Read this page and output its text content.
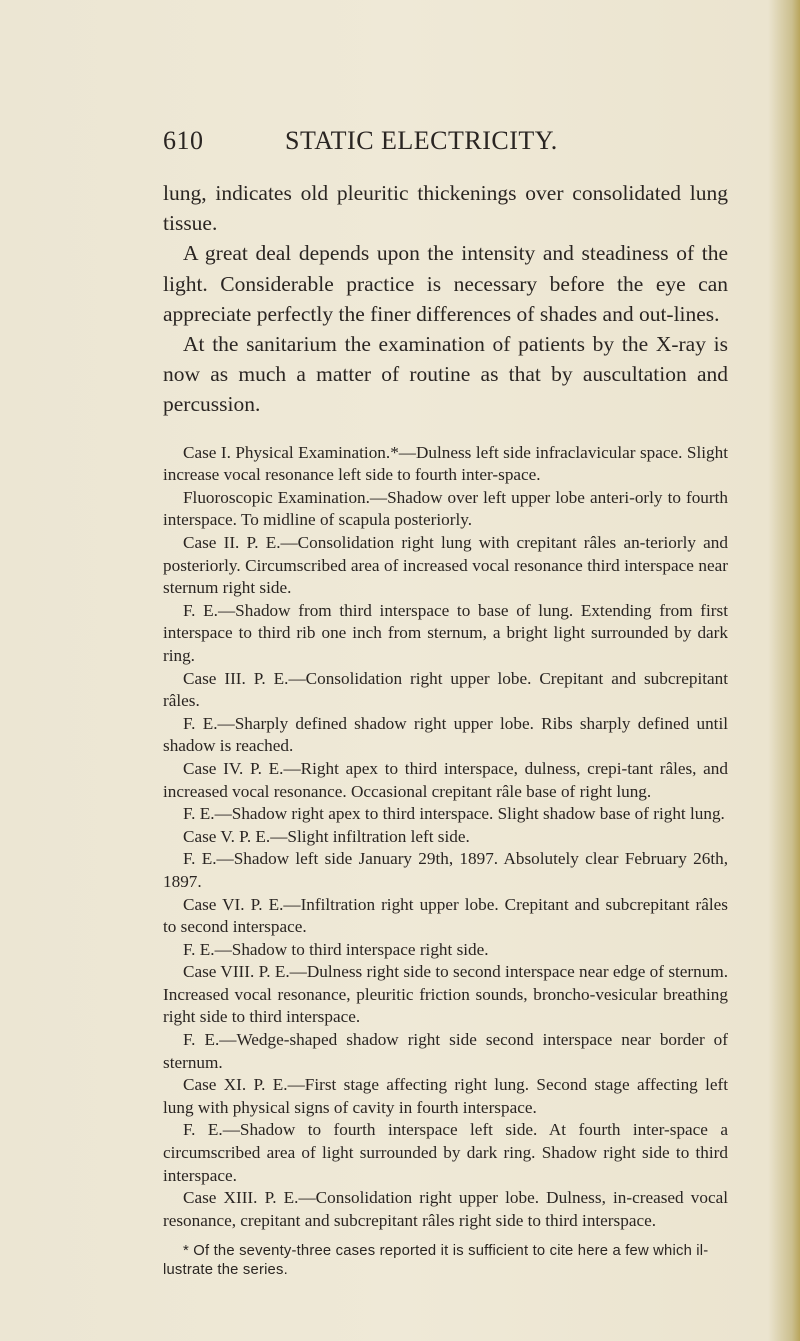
610	STATIC ELECTRICITY.

lung, indicates old pleuritic thickenings over consolidated lung tissue.

A great deal depends upon the intensity and steadiness of the light. Considerable practice is necessary before the eye can appreciate perfectly the finer differences of shades and out-lines.

At the sanitarium the examination of patients by the X-ray is now as much a matter of routine as that by auscultation and percussion.

Case I. Physical Examination.*—Dulness left side infraclavicular space. Slight increase vocal resonance left side to fourth inter-space.

Fluoroscopic Examination.—Shadow over left upper lobe anteri-orly to fourth interspace. To midline of scapula posteriorly.

Case II. P. E.—Consolidation right lung with crepitant râles an-teriorly and posteriorly. Circumscribed area of increased vocal resonance third interspace near sternum right side.

F. E.—Shadow from third interspace to base of lung. Extending from first interspace to third rib one inch from sternum, a bright light surrounded by dark ring.

Case III. P. E.—Consolidation right upper lobe. Crepitant and subcrepitant râles.

F. E.—Sharply defined shadow right upper lobe. Ribs sharply defined until shadow is reached.

Case IV. P. E.—Right apex to third interspace, dulness, crepi-tant râles, and increased vocal resonance. Occasional crepitant râle base of right lung.

F. E.—Shadow right apex to third interspace. Slight shadow base of right lung.

Case V. P. E.—Slight infiltration left side.

F. E.—Shadow left side January 29th, 1897. Absolutely clear February 26th, 1897.

Case VI. P. E.—Infiltration right upper lobe. Crepitant and subcrepitant râles to second interspace.

F. E.—Shadow to third interspace right side.

Case VIII. P. E.—Dulness right side to second interspace near edge of sternum. Increased vocal resonance, pleuritic friction sounds, broncho-vesicular breathing right side to third interspace.

F. E.—Wedge-shaped shadow right side second interspace near border of sternum.

Case XI. P. E.—First stage affecting right lung. Second stage affecting left lung with physical signs of cavity in fourth interspace.

F. E.—Shadow to fourth interspace left side. At fourth inter-space a circumscribed area of light surrounded by dark ring. Shadow right side to third interspace.

Case XIII. P. E.—Consolidation right upper lobe. Dulness, in-creased vocal resonance, crepitant and subcrepitant râles right side to third interspace.

* Of the seventy-three cases reported it is sufficient to cite here a few which il-lustrate the series.
